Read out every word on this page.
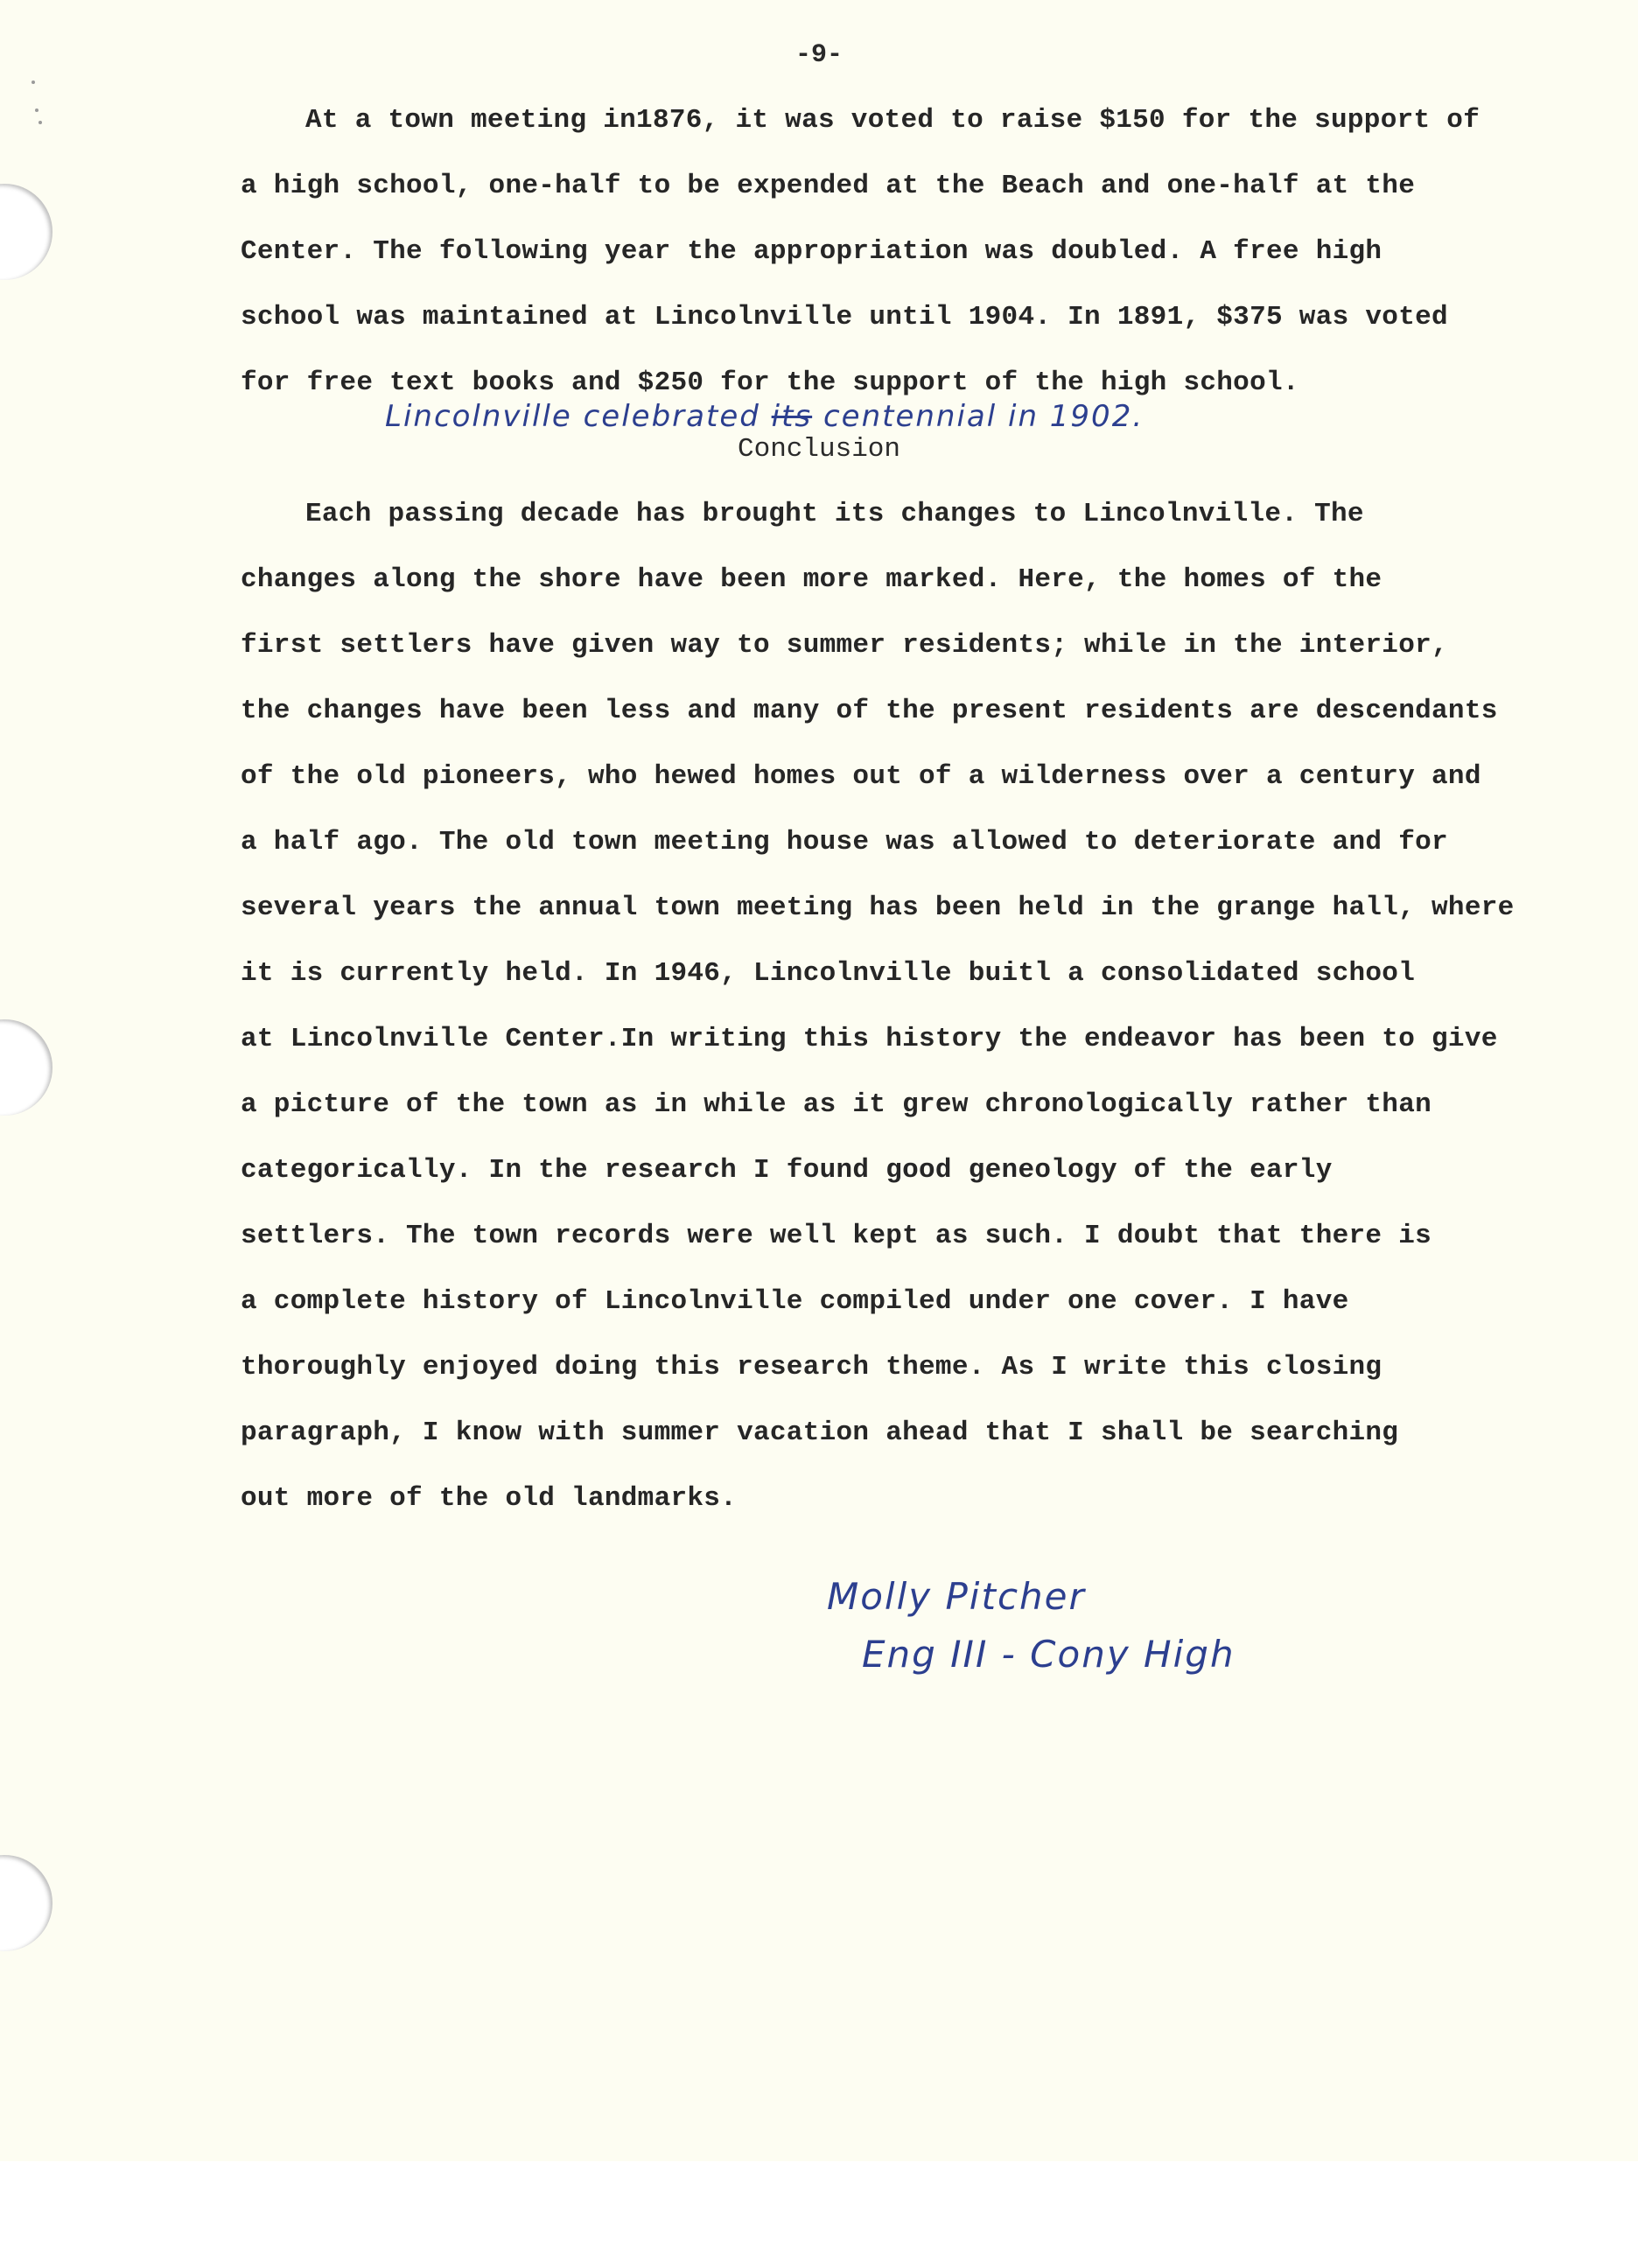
-9-
At a town meeting in1876, it was voted to raise $150 for the support of
a high school, one-half to be expended at the Beach and one-half at the
Center. The following year the appropriation was doubled. A free high
school was maintained at Lincolnville until 1904. In 1891, $375 was voted
for free text books and $250 for the support of the high school.
Lincolnville celebrated its centennial in 1902.
Conclusion
Each passing decade has brought its changes to Lincolnville. The
changes along the shore have been more marked. Here, the homes of the
first settlers have given way to summer residents; while in the interior,
the changes have been less and many of the present residents are descendants
of the old pioneers, who hewed homes out of a wilderness over a century and
a half ago. The old town meeting house was allowed to deteriorate and for
several years the annual town meeting has been held in the grange hall, where
it is currently held. In 1946, Lincolnville buitl a consolidated school
at Lincolnville Center.In writing this history the endeavor has been to give
a picture of the town as in while as it grew chronologically rather than
categorically. In the research I found good geneology of the early
settlers. The town records were well kept as such. I doubt that there is
a complete history of Lincolnville compiled under one cover. I have
thoroughly enjoyed doing this research theme. As I write this closing
paragraph, I know with summer vacation ahead that I shall be searching
out more of the old landmarks.
Molly Pitcher
Eng III - Cony High
